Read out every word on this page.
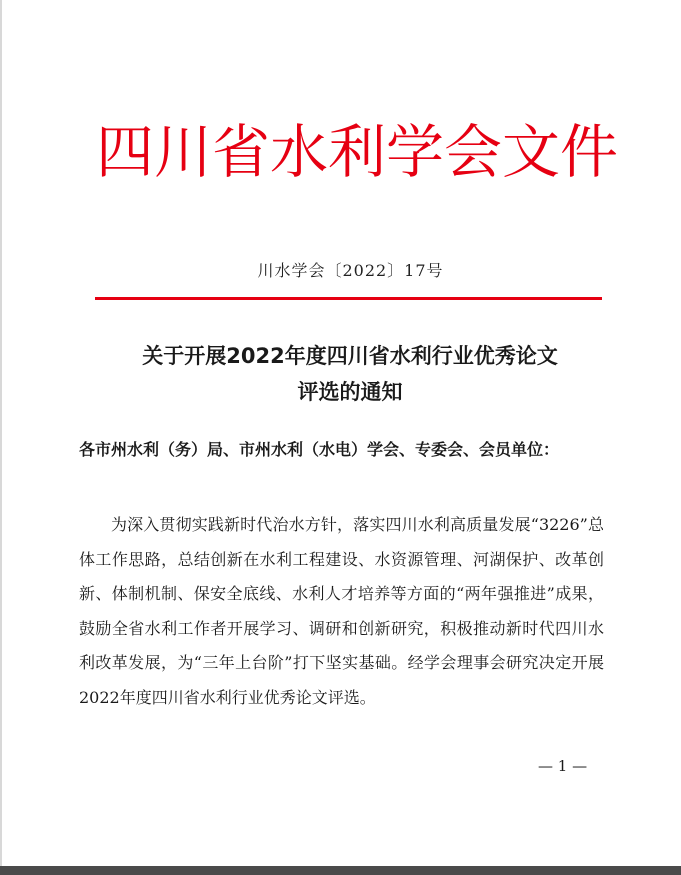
四川省水利学会文件
川水学会〔2022〕17号
关于开展2022年度四川省水利行业优秀论文
评选的通知
各市州水利（务）局、市州水利（水电）学会、专委会、会员单位：
为深入贯彻实践新时代治水方针，落实四川水利高质量发展“3226”总体工作思路，总结创新在水利工程建设、水资源管理、河湖保护、改革创新、体制机制、保安全底线、水利人才培养等方面的“两年强推进”成果，鼓励全省水利工作者开展学习、调研和创新研究，积极推动新时代四川水利改革发展，为“三年上台阶”打下坚实基础。经学会理事会研究决定开展2022年度四川省水利行业优秀论文评选。
— 1 —
